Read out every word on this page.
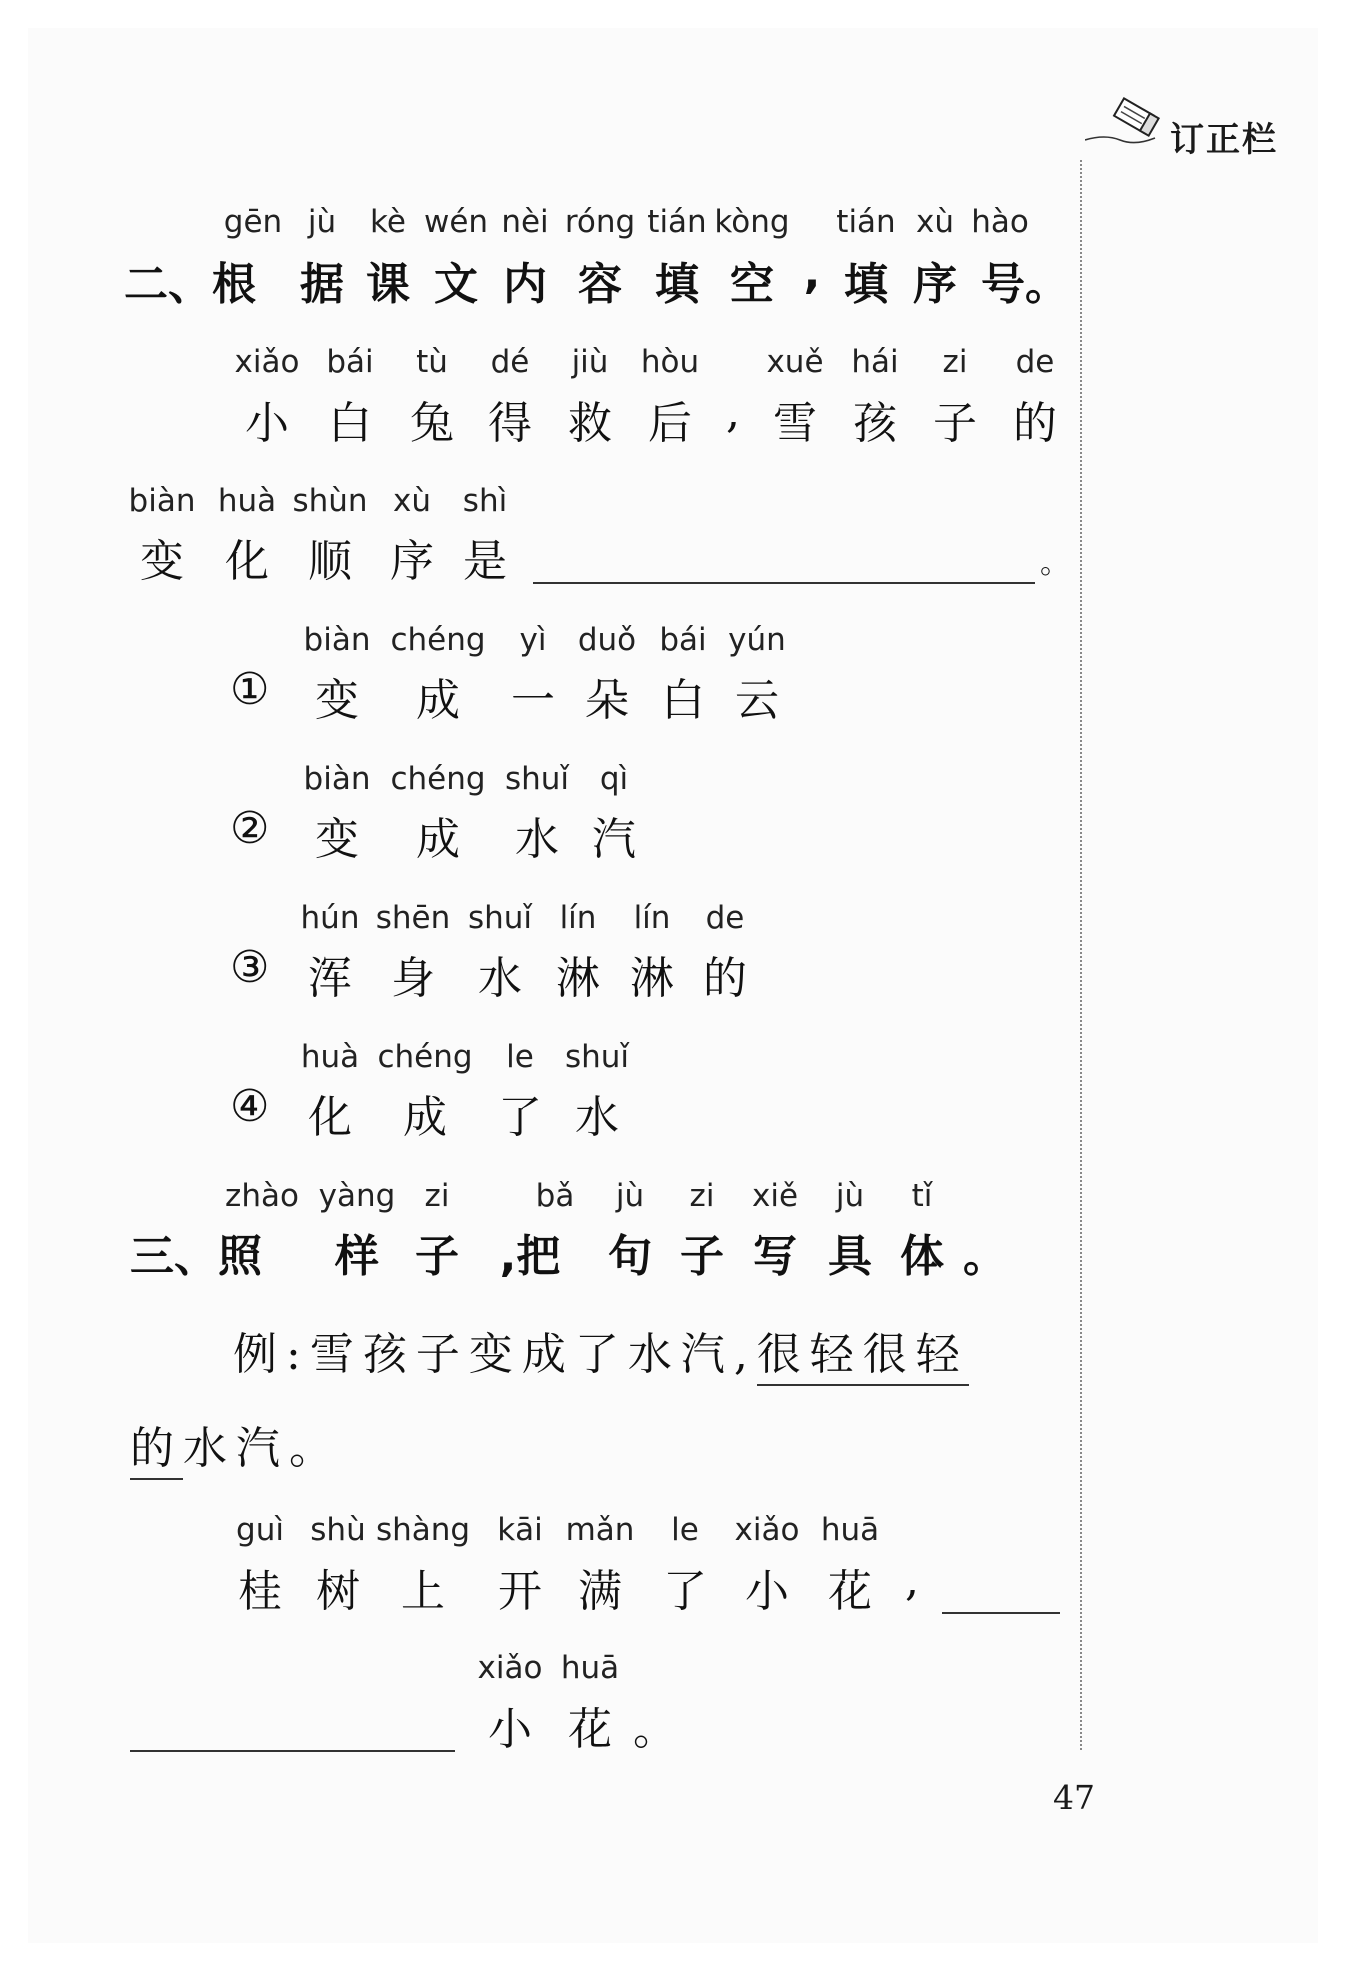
订正栏
gēn jù kè wén nèi róng tián kòng tián xù hào
二、根 据 课 文 内 容 填 空 , 填 序 号。
xiǎo bái tù dé jiù hòu xuě hái zi de
小 白 兔 得 救 后 , 雪 孩 子 的
biàn huà shùn xù shì
变 化 顺 序 是	。
①
biàn chéng yì duǒ bái yún
变 成 一 朵 白 云
②
biàn chéng shuǐ qì
变 成 水 汽
③
hún shēn shuǐ lín lín de
浑 身 水 淋 淋 的
④
huà chéng le shuǐ
化 成 了 水
zhào yàng zi	bǎ jù zi xiě jù tǐ
三、照 样 子 ,把 句 子 写 具 体 。
例:雪孩子变成了水汽,很轻很轻
的水汽。
guì shù shàng kāi mǎn le xiǎo huā
桂 树 上 开 满 了 小 花 ,
xiǎo huā
小 花 。
47
